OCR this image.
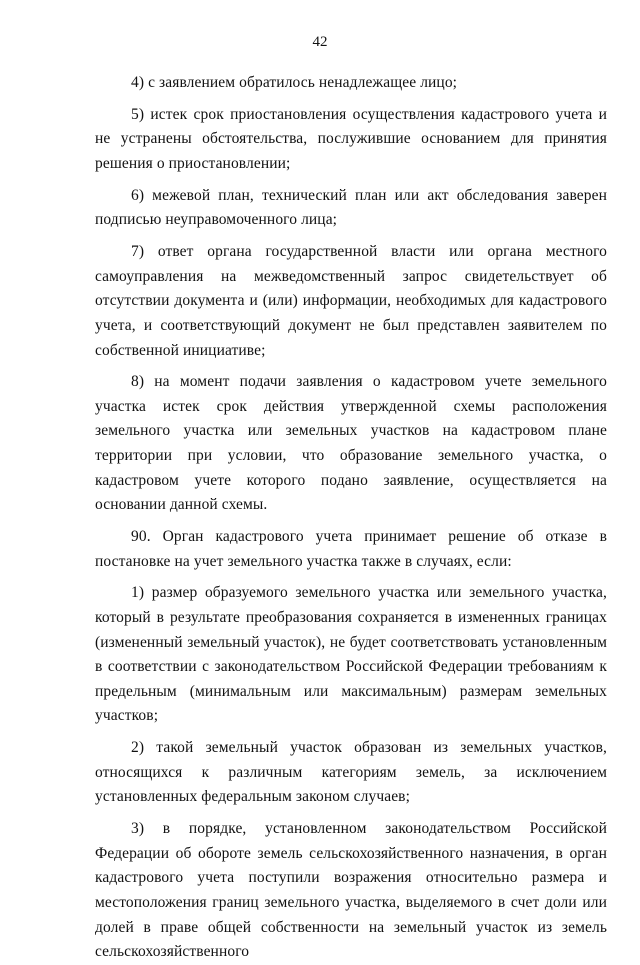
42

4) с заявлением обратилось ненадлежащее лицо;

5) истек срок приостановления осуществления кадастрового учета и не устранены обстоятельства, послужившие основанием для принятия решения о приостановлении;

6) межевой план, технический план или акт обследования заверен подписью неуправомоченного лица;

7) ответ органа государственной власти или органа местного самоуправления на межведомственный запрос свидетельствует об отсутствии документа и (или) информации, необходимых для кадастрового учета, и соответствующий документ не был представлен заявителем по собственной инициативе;

8) на момент подачи заявления о кадастровом учете земельного участка истек срок действия утвержденной схемы расположения земельного участка или земельных участков на кадастровом плане территории при условии, что образование земельного участка, о кадастровом учете которого подано заявление, осуществляется на основании данной схемы.

90. Орган кадастрового учета принимает решение об отказе в постановке на учет земельного участка также в случаях, если:

1) размер образуемого земельного участка или земельного участка, который в результате преобразования сохраняется в измененных границах (измененный земельный участок), не будет соответствовать установленным в соответствии с законодательством Российской Федерации требованиям к предельным (минимальным или максимальным) размерам земельных участков;

2) такой земельный участок образован из земельных участков, относящихся к различным категориям земель, за исключением установленных федеральным законом случаев;

3) в порядке, установленном законодательством Российской Федерации об обороте земель сельскохозяйственного назначения, в орган кадастрового учета поступили возражения относительно размера и местоположения границ земельного участка, выделяемого в счет доли или долей в праве общей собственности на земельный участок из земель сельскохозяйственного
